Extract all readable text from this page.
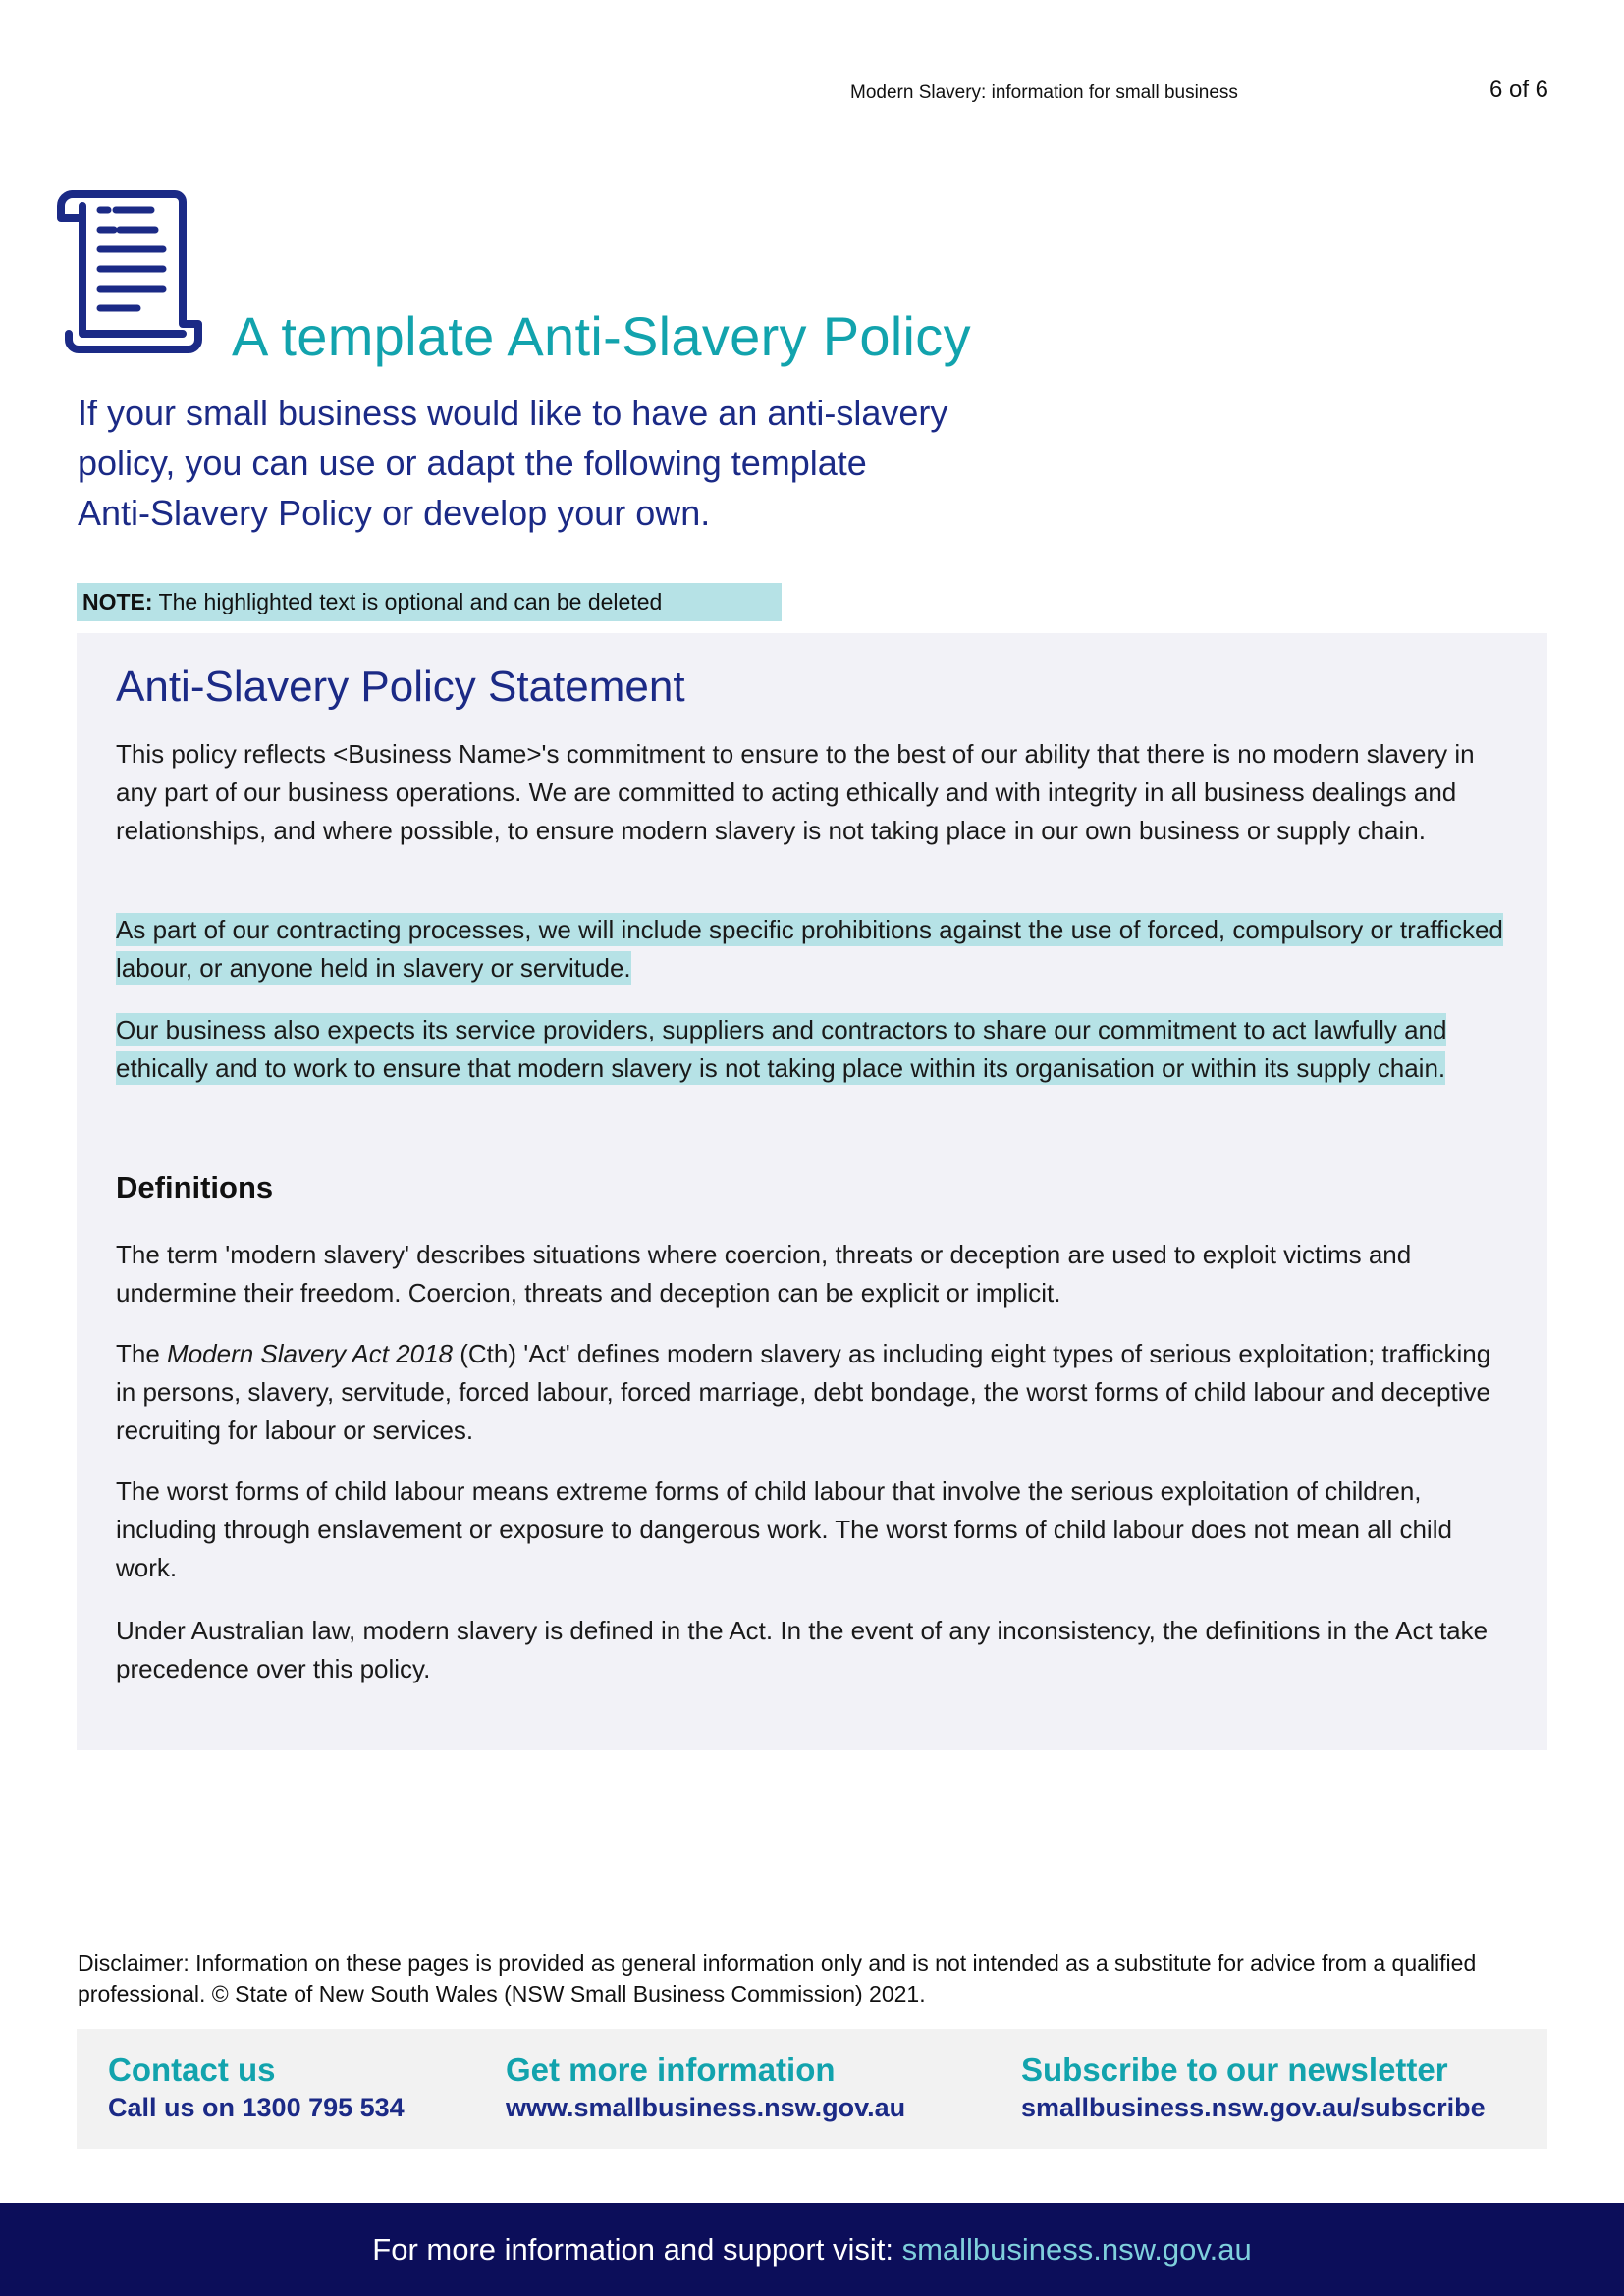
Modern Slavery: information for small business	6 of 6
A template Anti-Slavery Policy

If your small business would like to have an anti-slavery
policy, you can use or adapt the following template
Anti-Slavery Policy or develop your own.

NOTE: The highlighted text is optional and can be deleted
Anti-Slavery Policy Statement

This policy reflects <Business Name>'s commitment to ensure to the best of our ability that there is no modern slavery in any part of our business operations. We are committed to acting ethically and with integrity in all business dealings and relationships, and where possible, to ensure modern slavery is not taking place in our own business or supply chain.

As part of our contracting processes, we will include specific prohibitions against the use of forced, compulsory or trafficked labour, or anyone held in slavery or servitude.

Our business also expects its service providers, suppliers and contractors to share our commitment to act lawfully and ethically and to work to ensure that modern slavery is not taking place within its organisation or within its supply chain.

Definitions

The term 'modern slavery' describes situations where coercion, threats or deception are used to exploit victims and undermine their freedom. Coercion, threats and deception can be explicit or implicit.

The Modern Slavery Act 2018 (Cth) 'Act' defines modern slavery as including eight types of serious exploitation; trafficking in persons, slavery, servitude, forced labour, forced marriage, debt bondage, the worst forms of child labour and deceptive recruiting for labour or services.

The worst forms of child labour means extreme forms of child labour that involve the serious exploitation of children, including through enslavement or exposure to dangerous work. The worst forms of child labour does not mean all child work.

Under Australian law, modern slavery is defined in the Act. In the event of any inconsistency, the definitions in the Act take precedence over this policy.

Disclaimer: Information on these pages is provided as general information only and is not intended as a substitute for advice from a qualified professional. © State of New South Wales (NSW Small Business Commission) 2021.

Contact us
Call us on 1300 795 534
Get more information
www.smallbusiness.nsw.gov.au
Subscribe to our newsletter
smallbusiness.nsw.gov.au/subscribe
For more information and support visit: smallbusiness.nsw.gov.au
